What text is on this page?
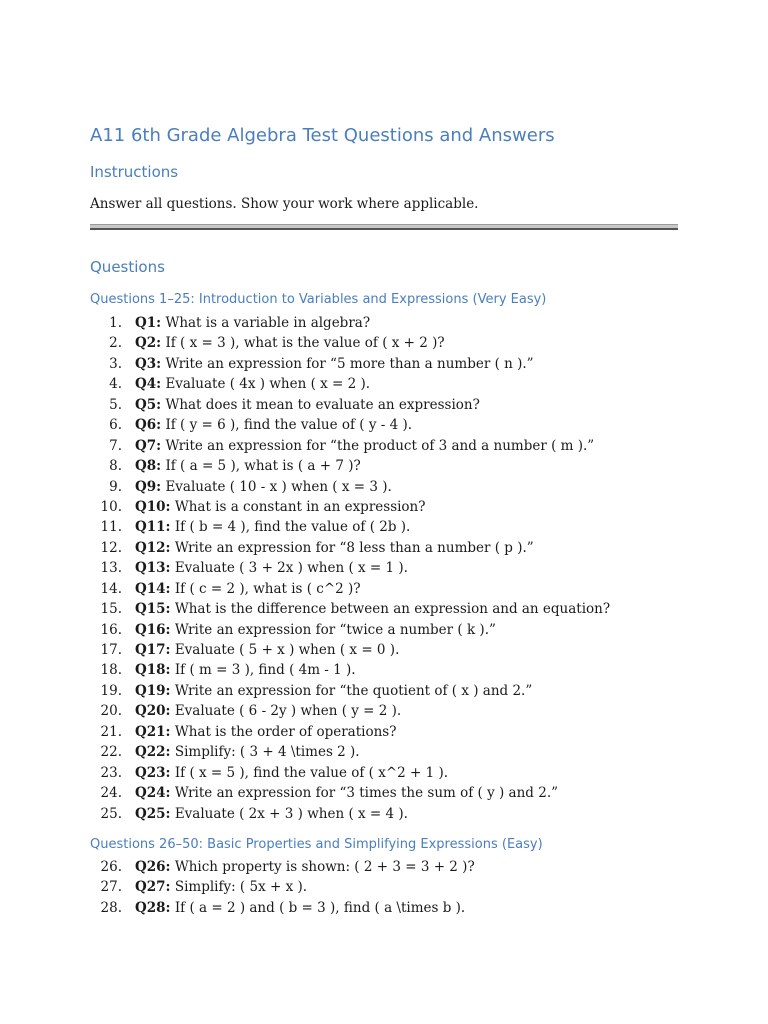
A11 6th Grade Algebra Test Questions and Answers
Instructions

Answer all questions. Show your work where applicable.

Questions
Questions 1–25: Introduction to Variables and Expressions (Very Easy)
1. Q1: What is a variable in algebra?
2. Q2: If ( x = 3 ), what is the value of ( x + 2 )?
3. Q3: Write an expression for “5 more than a number ( n ).”
4. Q4: Evaluate ( 4x ) when ( x = 2 ).
5. Q5: What does it mean to evaluate an expression?
6. Q6: If ( y = 6 ), find the value of ( y - 4 ).
7. Q7: Write an expression for “the product of 3 and a number ( m ).”
8. Q8: If ( a = 5 ), what is ( a + 7 )?
9. Q9: Evaluate ( 10 - x ) when ( x = 3 ).
10. Q10: What is a constant in an expression?
11. Q11: If ( b = 4 ), find the value of ( 2b ).
12. Q12: Write an expression for “8 less than a number ( p ).”
13. Q13: Evaluate ( 3 + 2x ) when ( x = 1 ).
14. Q14: If ( c = 2 ), what is ( c^2 )?
15. Q15: What is the difference between an expression and an equation?
16. Q16: Write an expression for “twice a number ( k ).”
17. Q17: Evaluate ( 5 + x ) when ( x = 0 ).
18. Q18: If ( m = 3 ), find ( 4m - 1 ).
19. Q19: Write an expression for “the quotient of ( x ) and 2.”
20. Q20: Evaluate ( 6 - 2y ) when ( y = 2 ).
21. Q21: What is the order of operations?
22. Q22: Simplify: ( 3 + 4 \times 2 ).
23. Q23: If ( x = 5 ), find the value of ( x^2 + 1 ).
24. Q24: Write an expression for “3 times the sum of ( y ) and 2.”
25. Q25: Evaluate ( 2x + 3 ) when ( x = 4 ).
Questions 26–50: Basic Properties and Simplifying Expressions (Easy)
26. Q26: Which property is shown: ( 2 + 3 = 3 + 2 )?
27. Q27: Simplify: ( 5x + x ).
28. Q28: If ( a = 2 ) and ( b = 3 ), find ( a \times b ).
